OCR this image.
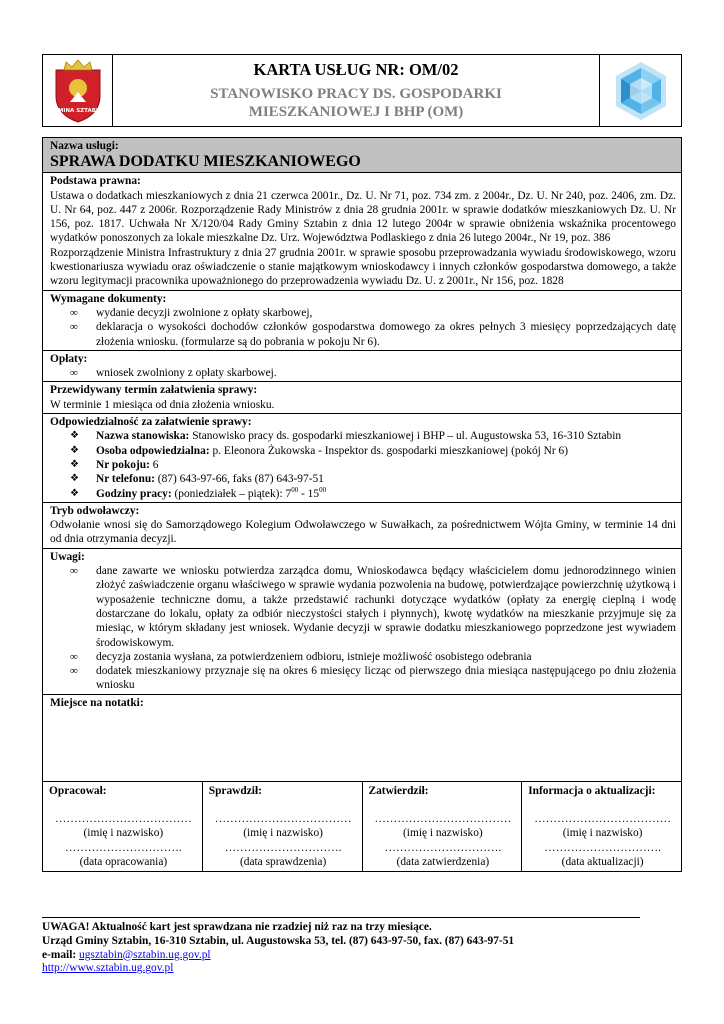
GMINA SZTABIN
KARTA USŁUG NR: OM/02
STANOWISKO PRACY DS. GOSPODARKI
MIESZKANIOWEJ I BHP (OM)
Nazwa usługi:
SPRAWA DODATKU MIESZKANIOWEGO
Podstawa prawna:
Ustawa o dodatkach mieszkaniowych z dnia 21 czerwca 2001r., Dz. U. Nr 71, poz. 734 zm. z 2004r., Dz. U. Nr 240, poz. 2406, zm. Dz. U. Nr 64, poz. 447 z 2006r. Rozporządzenie Rady Ministrów z dnia 28 grudnia 2001r. w sprawie dodatków mieszkaniowych Dz. U. Nr 156, poz. 1817. Uchwała Nr X/120/04 Rady Gminy Sztabin z dnia 12 lutego 2004r w sprawie obniżenia wskaźnika procentowego wydatków ponoszonych za lokale mieszkalne Dz. Urz. Województwa Podlaskiego z dnia 26 lutego 2004r., Nr 19, poz. 386
Rozporządzenie Ministra Infrastruktury z dnia 27 grudnia 2001r. w sprawie sposobu przeprowadzania wywiadu środowiskowego, wzoru kwestionariusza wywiadu oraz oświadczenie o stanie majątkowym wnioskodawcy i innych członków gospodarstwa domowego, a także wzoru legitymacji pracownika upoważnionego do przeprowadzenia wywiadu Dz. U. z 2001r., Nr 156, poz. 1828
Wymagane dokumenty:
∞ wydanie decyzji zwolnione z opłaty skarbowej,
∞ deklaracja o wysokości dochodów członków gospodarstwa domowego za okres pełnych 3 miesięcy poprzedzających datę złożenia wniosku. (formularze są do pobrania w pokoju Nr 6).
Opłaty:
∞ wniosek zwolniony z opłaty skarbowej.
Przewidywany termin załatwienia sprawy:
W terminie 1 miesiąca od dnia złożenia wniosku.
Odpowiedzialność za załatwienie sprawy:
❖ Nazwa stanowiska: Stanowisko pracy ds. gospodarki mieszkaniowej i BHP – ul. Augustowska 53, 16-310 Sztabin
❖ Osoba odpowiedzialna: p. Eleonora Żukowska - Inspektor ds. gospodarki mieszkaniowej (pokój Nr 6)
❖ Nr pokoju: 6
❖ Nr telefonu: (87) 643-97-66, faks (87) 643-97-51
❖ Godziny pracy: (poniedziałek – piątek): $7^{00} - 15^{00}$
Tryb odwoławczy:
Odwołanie wnosi się do Samorządowego Kolegium Odwoławczego w Suwałkach, za pośrednictwem Wójta Gminy, w terminie 14 dni od dnia otrzymania decyzji.
Uwagi:
∞ dane zawarte we wniosku potwierdza zarządca domu, Wnioskodawca będący właścicielem domu jednorodzinnego winien złożyć zaświadczenie organu właściwego w sprawie wydania pozwolenia na budowę, potwierdzające powierzchnię użytkową i wyposażenie techniczne domu, a także przedstawić rachunki dotyczące wydatków (opłaty za energię cieplną i wodę dostarczane do lokalu, opłaty za odbiór nieczystości stałych i płynnych), kwotę wydatków na mieszkanie przyjmuje się za miesiąc, w którym składany jest wniosek. Wydanie decyzji w sprawie dodatku mieszkaniowego poprzedzone jest wywiadem środowiskowym.
∞ decyzja zostania wysłana, za potwierdzeniem odbioru, istnieje możliwość osobistego odebrania
∞ dodatek mieszkaniowy przyznaje się na okres 6 miesięcy licząc od pierwszego dnia miesiąca następującego po dniu złożenia wniosku
Miejsce na notatki:
Opracował:
………………………………
(imię i nazwisko)
………………………….
(data opracowania)
Sprawdził:
………………………………
(imię i nazwisko)
………………………….
(data sprawdzenia)
Zatwierdził:
………………………………
(imię i nazwisko)
………………………….
(data zatwierdzenia)
Informacja o aktualizacji:
………………………………
(imię i nazwisko)
………………………….
(data aktualizacji)
UWAGA! Aktualność kart jest sprawdzana nie rzadziej niż raz na trzy miesiące.
Urząd Gminy Sztabin, 16-310 Sztabin, ul. Augustowska 53, tel. (87) 643-97-50, fax. (87) 643-97-51
e-mail: ugsztabin@sztabin.ug.gov.pl
http://www.sztabin.ug.gov.pl
